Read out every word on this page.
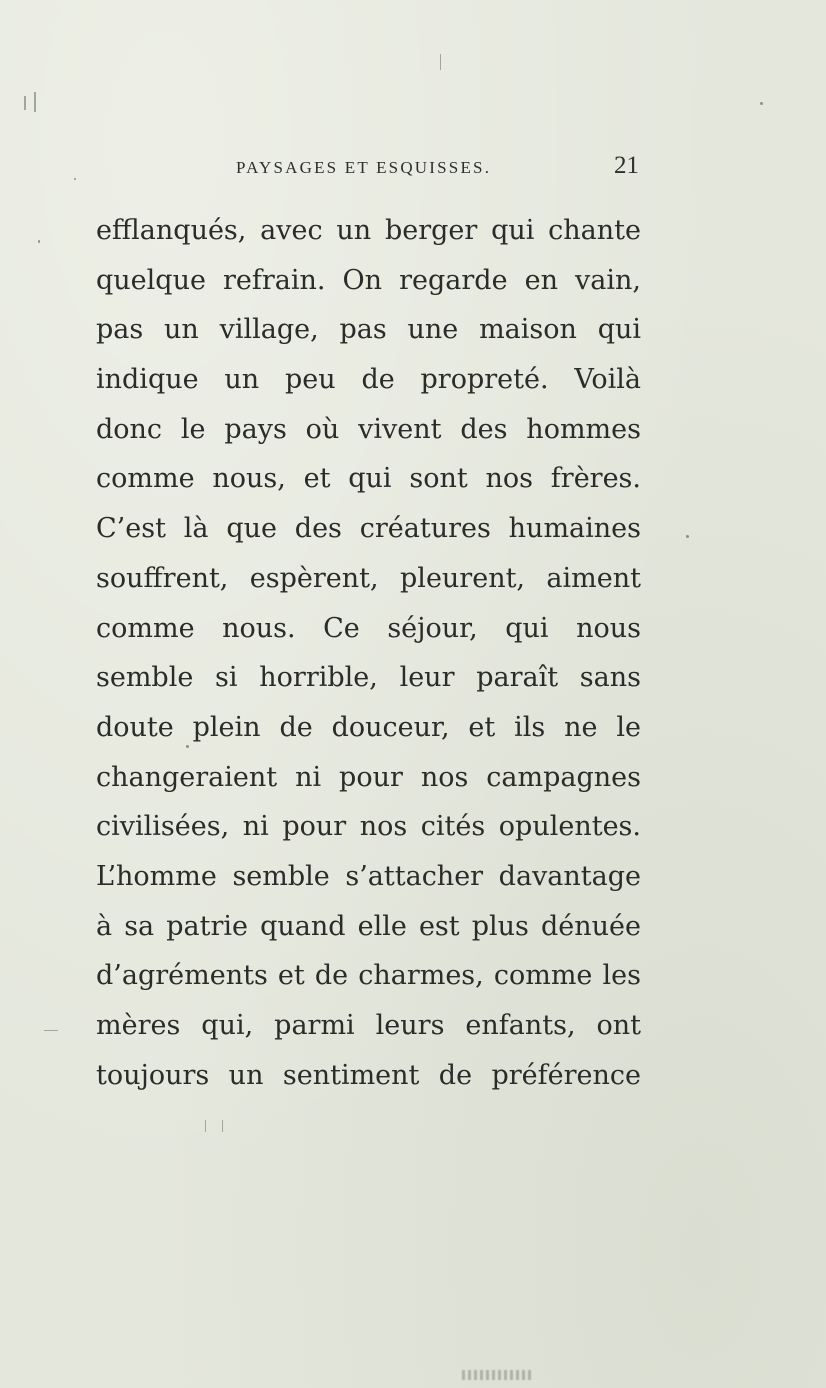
PAYSAGES ET ESQUISSES.	21
efflanqués, avec un berger qui chante
quelque refrain. On regarde en vain,
pas un village, pas une maison qui
indique un peu de propreté. Voilà
donc le pays où vivent des hommes
comme nous, et qui sont nos frères.
C’est là que des créatures humaines
souffrent, espèrent, pleurent, aiment
comme nous. Ce séjour, qui nous
semble si horrible, leur paraît sans
doute plein de douceur, et ils ne le
changeraient ni pour nos campagnes
civilisées, ni pour nos cités opulentes.
L’homme semble s’attacher davantage
à sa patrie quand elle est plus dénuée
d’agréments et de charmes, comme les
mères qui, parmi leurs enfants, ont
toujours un sentiment de préférence
